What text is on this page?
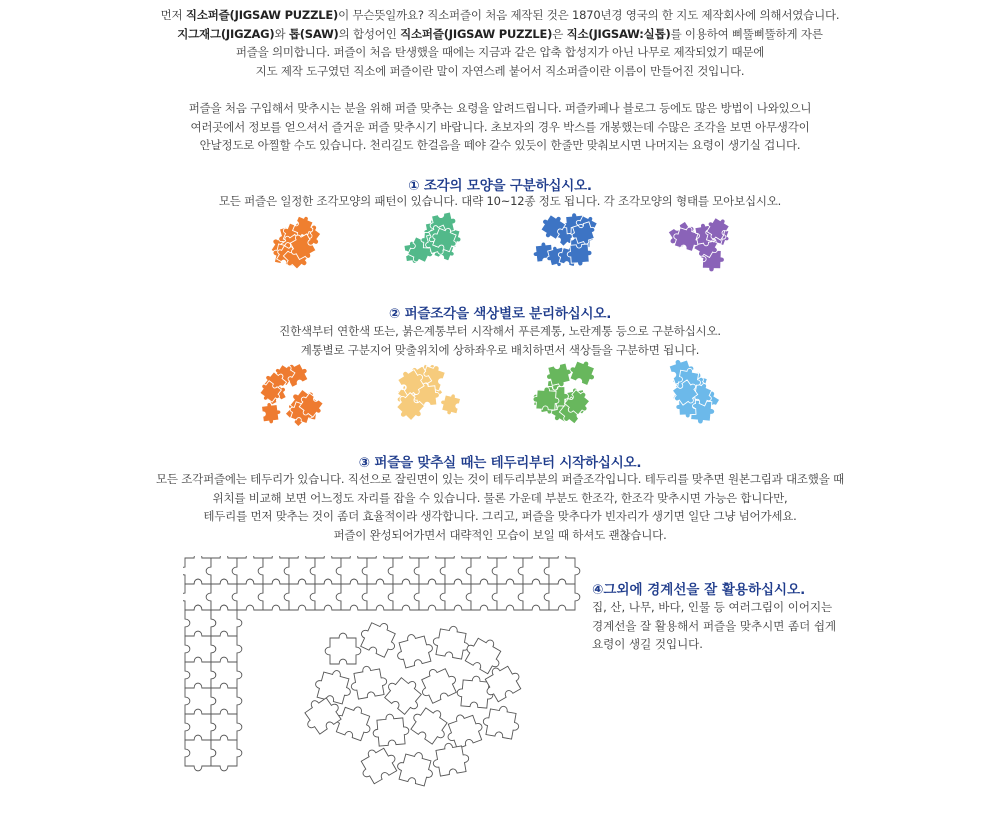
먼저 직소퍼즐(JIGSAW PUZZLE)이 무슨뜻일까요? 직소퍼즐이 처음 제작된 것은 1870년경 영국의 한 지도 제작회사에 의해서였습니다.

지그재그(JIGZAG)와 톱(SAW)의 합성어인 직소퍼즐(JIGSAW PUZZLE)은 직소(JIGSAW:실톱)를 이용하여 삐뚤삐뚤하게 자른

퍼즐을 의미합니다. 퍼즐이 처음 탄생했을 때에는 지금과 같은 압축 합성지가 아닌 나무로 제작되었기 때문에

지도 제작 도구였던 직소에 퍼즐이란 말이 자연스레 붙어서 직소퍼즐이란 이름이 만들어진 것입니다.

퍼즐을 처음 구입해서 맞추시는 분을 위해 퍼즐 맞추는 요령을 알려드립니다. 퍼즐카페나 블로그 등에도 많은 방법이 나와있으니

여러곳에서 정보를 얻으셔서 즐거운 퍼즐 맞추시기 바랍니다. 초보자의 경우 박스를 개봉했는데 수많은 조각을 보면 아무생각이

안날정도로 아찔할 수도 있습니다. 천리길도 한걸음을 떼야 갈수 있듯이 한줄만 맞춰보시면 나머지는 요령이 생기실 겁니다.

① 조각의 모양을 구분하십시오.

모든 퍼즐은 일정한 조각모양의 패턴이 있습니다. 대략 10~12종 정도 됩니다. 각 조각모양의 형태를 모아보십시오.

② 퍼즐조각을 색상별로 분리하십시오.

진한색부터 연한색 또는, 붉은계통부터 시작해서 푸른계통, 노란계통 등으로 구분하십시오.

계통별로 구분지어 맞출위치에 상하좌우로 배치하면서 색상들을 구분하면 됩니다.

③ 퍼즐을 맞추실 때는 테두리부터 시작하십시오.

모든 조각퍼즐에는 테두리가 있습니다. 직선으로 잘린면이 있는 것이 테두리부분의 퍼즐조각입니다. 테두리를 맞추면 원본그림과 대조했을 때

위치를 비교해 보면 어느정도 자리를 잡을 수 있습니다. 물론 가운데 부분도 한조각, 한조각 맞추시면 가능은 합니다만,

테두리를 먼저 맞추는 것이 좀더 효율적이라 생각합니다. 그리고, 퍼즐을 맞추다가 빈자리가 생기면 일단 그냥 넘어가세요.

퍼즐이 완성되어가면서 대략적인 모습이 보일 때 하셔도 괜찮습니다.

④그외에 경계선을 잘 활용하십시오.

집, 산, 나무, 바다, 인물 등 여러그림이 이어지는

경계선을 잘 활용해서 퍼즐을 맞추시면 좀더 쉽게

요령이 생길 것입니다.
